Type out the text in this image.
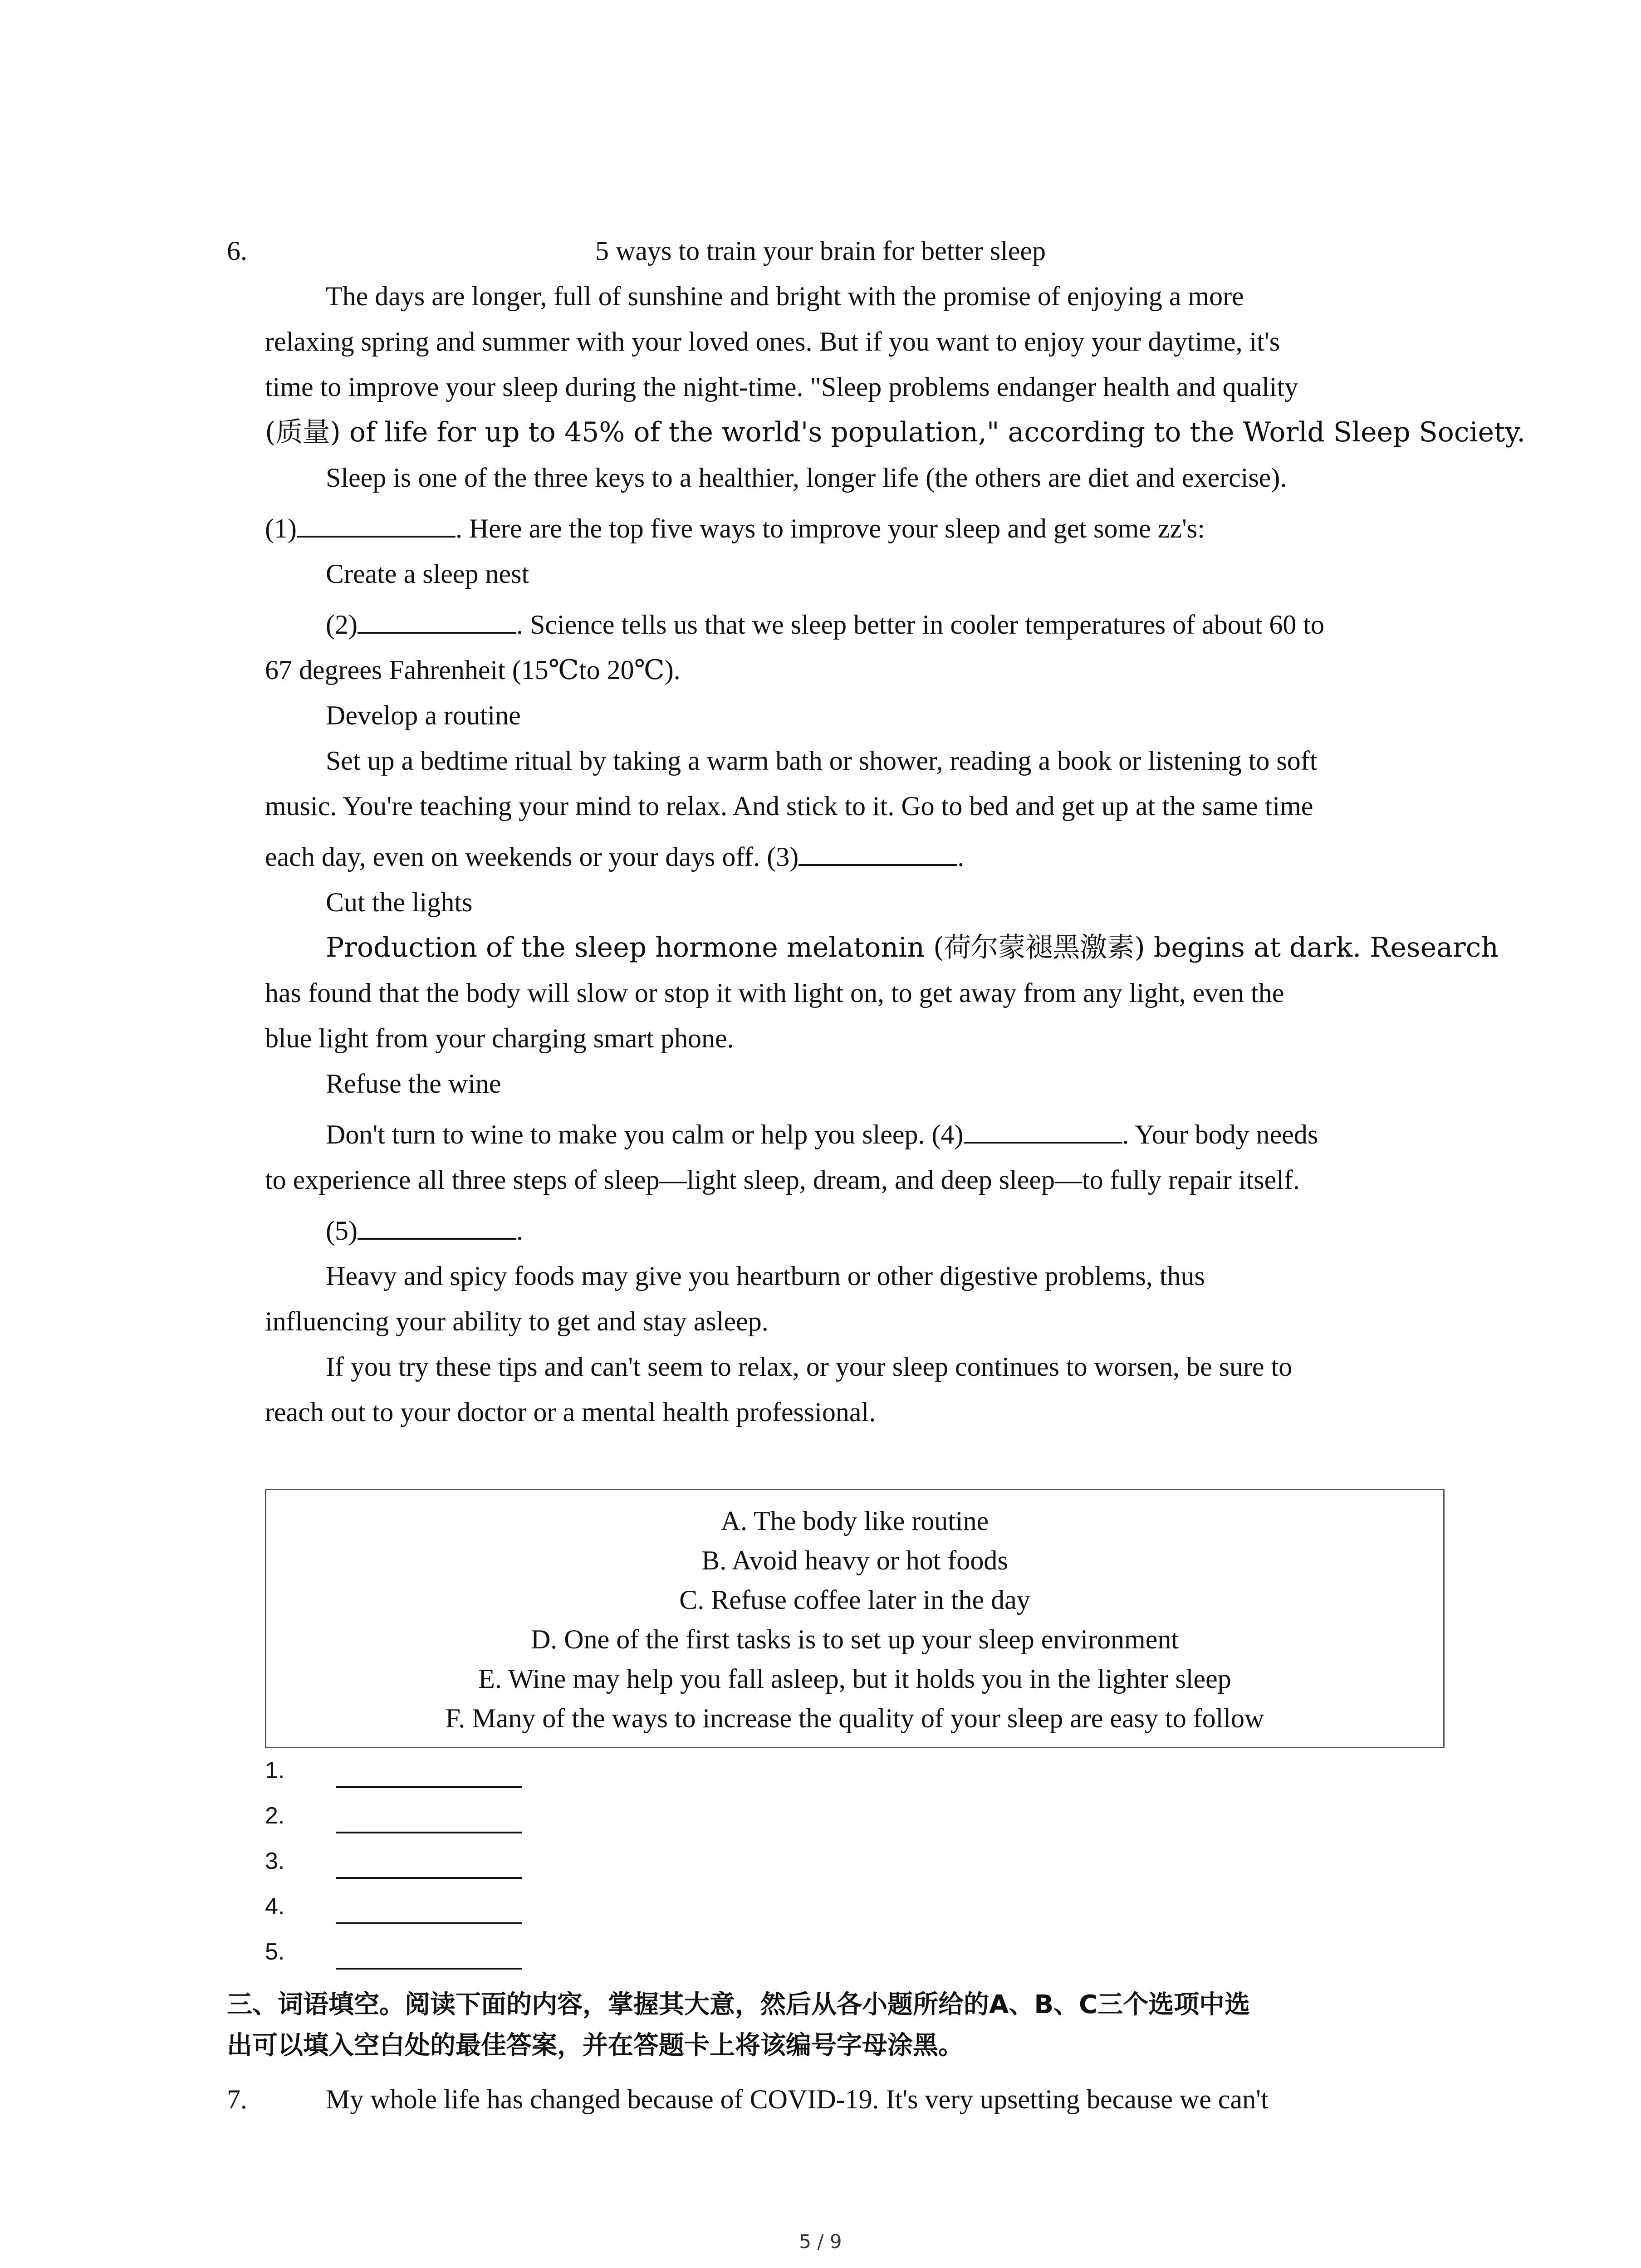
6.	5 ways to train your brain for better sleep
The days are longer, full of sunshine and bright with the promise of enjoying a more
relaxing spring and summer with your loved ones. But if you want to enjoy your daytime, it's
time to improve your sleep during the night-time. "Sleep problems endanger health and quality
(质量) of life for up to 45% of the world's population," according to the World Sleep Society.
Sleep is one of the three keys to a healthier, longer life (the others are diet and exercise).
(1)	. Here are the top five ways to improve your sleep and get some zz's:
Create a sleep nest
(2)	. Science tells us that we sleep better in cooler temperatures of about 60 to
67 degrees Fahrenheit (15℃to 20℃).
Develop a routine
Set up a bedtime ritual by taking a warm bath or shower, reading a book or listening to soft
music. You're teaching your mind to relax. And stick to it. Go to bed and get up at the same time
each day, even on weekends or your days off. (3)	.
Cut the lights
Production of the sleep hormone melatonin (荷尔蒙褪黑激素) begins at dark. Research
has found that the body will slow or stop it with light on, to get away from any light, even the
blue light from your charging smart phone.
Refuse the wine
Don't turn to wine to make you calm or help you sleep. (4)	. Your body needs
to experience all three steps of sleep—light sleep, dream, and deep sleep—to fully repair itself.
(5)	.
Heavy and spicy foods may give you heartburn or other digestive problems, thus
influencing your ability to get and stay asleep.
If you try these tips and can't seem to relax, or your sleep continues to worsen, be sure to
reach out to your doctor or a mental health professional.
A. The body like routine
B. Avoid heavy or hot foods
C. Refuse coffee later in the day
D. One of the first tasks is to set up your sleep environment
E. Wine may help you fall asleep, but it holds you in the lighter sleep
F. Many of the ways to increase the quality of your sleep are easy to follow
1.
2.
3.
4.
5.
三、词语填空。阅读下面的内容，掌握其大意，然后从各小题所给的A、B、C三个选项中选
出可以填入空白处的最佳答案，并在答题卡上将该编号字母涂黑。
7.	My whole life has changed because of COVID-19. It's very upsetting because we can't
5 / 9
